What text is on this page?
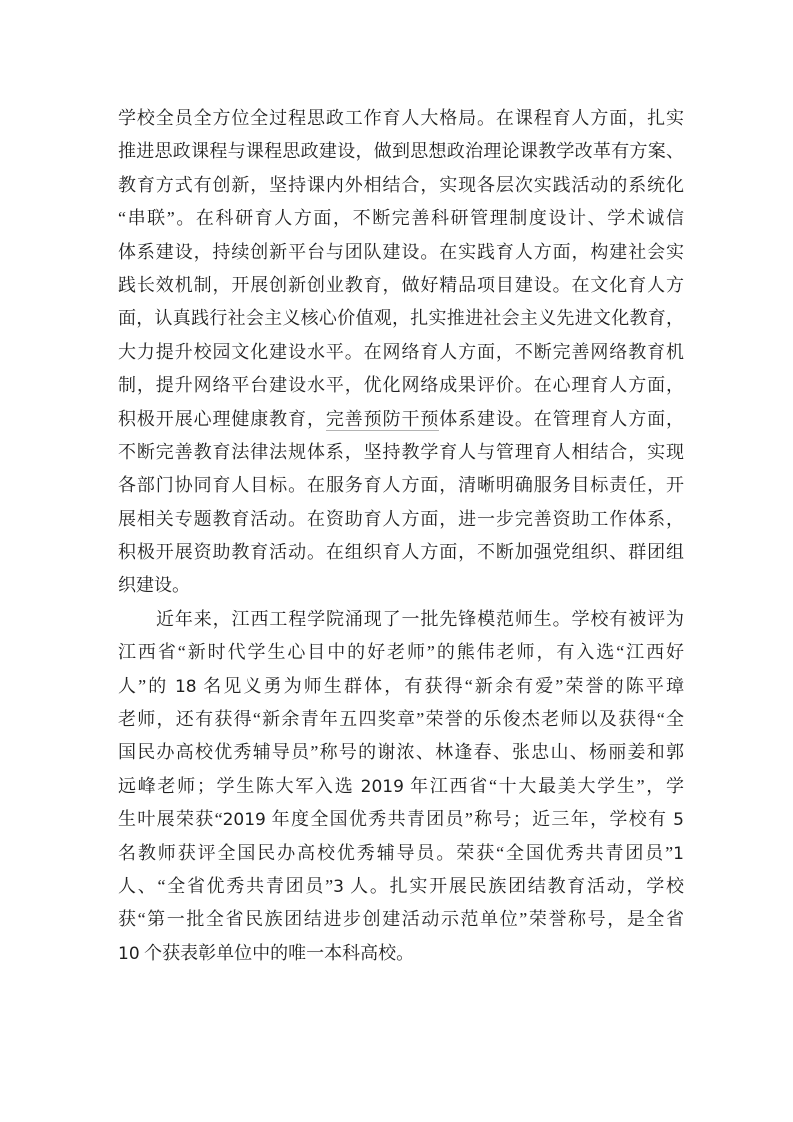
学校全员全方位全过程思政工作育人大格局。在课程育人方面，扎实
推进思政课程与课程思政建设，做到思想政治理论课教学改革有方案、
教育方式有创新，坚持课内外相结合，实现各层次实践活动的系统化
“串联”。在科研育人方面，不断完善科研管理制度设计、学术诚信
体系建设，持续创新平台与团队建设。在实践育人方面，构建社会实
践长效机制，开展创新创业教育，做好精品项目建设。在文化育人方
面，认真践行社会主义核心价值观，扎实推进社会主义先进文化教育，
大力提升校园文化建设水平。在网络育人方面，不断完善网络教育机
制，提升网络平台建设水平，优化网络成果评价。在心理育人方面，
积极开展心理健康教育，完善预防干预体系建设。在管理育人方面，
不断完善教育法律法规体系，坚持教学育人与管理育人相结合，实现
各部门协同育人目标。在服务育人方面，清晰明确服务目标责任，开
展相关专题教育活动。在资助育人方面，进一步完善资助工作体系，
积极开展资助教育活动。在组织育人方面，不断加强党组织、群团组
织建设。
近年来，江西工程学院涌现了一批先锋模范师生。学校有被评为
江西省“新时代学生心目中的好老师”的熊伟老师，有入选“江西好
人”的 18 名见义勇为师生群体，有获得“新余有爱”荣誉的陈平璋
老师，还有获得“新余青年五四奖章”荣誉的乐俊杰老师以及获得“全
国民办高校优秀辅导员”称号的谢浓、林逢春、张忠山、杨丽姜和郭
远峰老师；学生陈大军入选 2019 年江西省“十大最美大学生”，学
生叶展荣获“2019 年度全国优秀共青团员”称号；近三年，学校有 5
名教师获评全国民办高校优秀辅导员。荣获“全国优秀共青团员”1
人、“全省优秀共青团员”3 人。扎实开展民族团结教育活动，学校
获“第一批全省民族团结进步创建活动示范单位”荣誉称号，是全省
10 个获表彰单位中的唯一本科高校。
